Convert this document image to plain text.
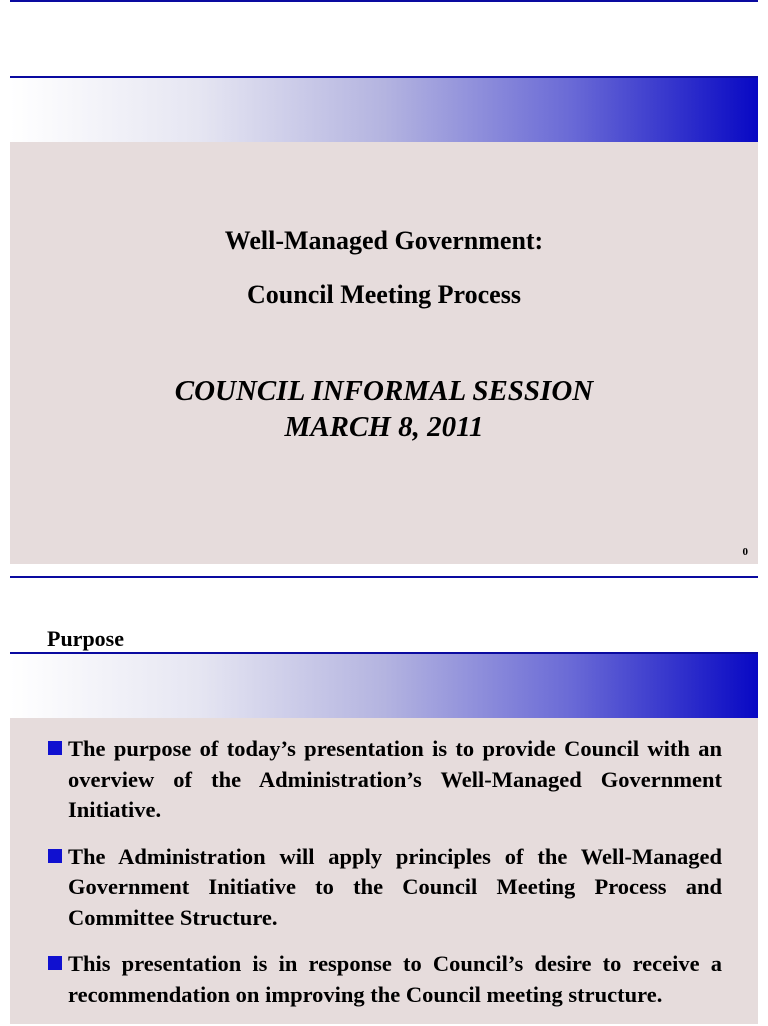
Well-Managed Government:
Council Meeting Process
COUNCIL INFORMAL SESSION
MARCH 8, 2011
0
Purpose
The purpose of today’s presentation is to provide Council with an overview of the Administration’s Well-Managed Government Initiative.
The Administration will apply principles of the Well-Managed Government Initiative to the Council Meeting Process and Committee Structure.
This presentation is in response to Council’s desire to receive a recommendation on improving the Council meeting structure.
